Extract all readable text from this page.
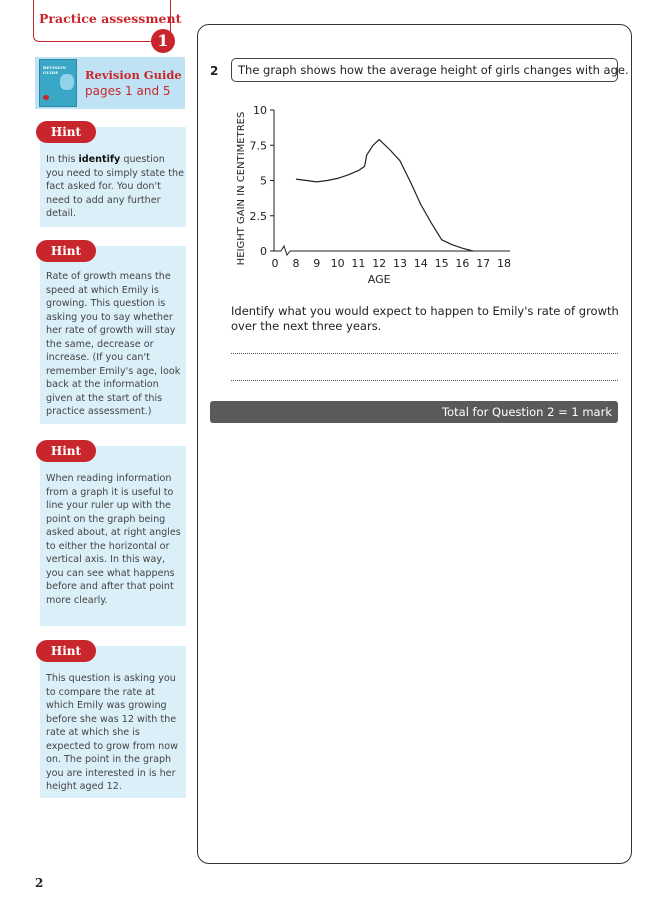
Practice assessment
1
REVISION GUIDE	Revision Guide
pages 1 and 5
Hint
In this identify question you need to simply state the fact asked for. You don't need to add any further detail.
Hint
Rate of growth means the speed at which Emily is growing. This question is asking you to say whether her rate of growth will stay the same, decrease or increase. (If you can't remember Emily's age, look back at the information given at the start of this practice assessment.)
Hint
When reading information from a graph it is useful to line your ruler up with the point on the graph being asked about, at right angles to either the horizontal or vertical axis. In this way, you can see what happens before and after that point more clearly.
Hint
This question is asking you to compare the rate at which Emily was growing before she was 12 with the rate at which she is expected to grow from now on. The point in the graph you are interested in is her height aged 12.
2	The graph shows how the average height of girls changes with age.
0
2.5
5
7.5
10
0 8 9 10 11 12 13 14 15 16 17 18
AGE
HEIGHT GAIN IN CENTIMETRES
Identify what you would expect to happen to Emily's rate of growth over the next three years.
Total for Question 2 = 1 mark
2
